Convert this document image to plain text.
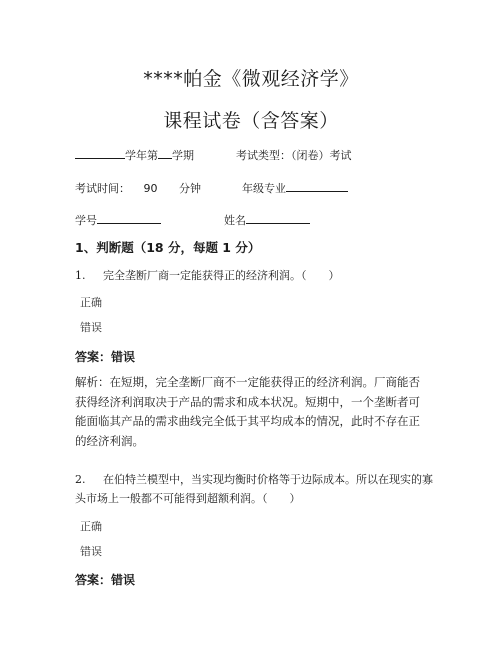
****帕金《微观经济学》
课程试卷（含答案）
学年第 学期	考试类型：（闭卷）考试
考试时间： 90 分钟	年级专业
学号	姓名
1、判断题（18 分，每题 1 分）
1. 完全垄断厂商一定能获得正的经济利润。（　　）
正确
错误
答案：错误
解析：在短期，完全垄断厂商不一定能获得正的经济利润。厂商能否获得经济利润取决于产品的需求和成本状况。短期中，一个垄断者可能面临其产品的需求曲线完全低于其平均成本的情况，此时不存在正的经济利润。
2. 在伯特兰模型中，当实现均衡时价格等于边际成本。所以在现实的寡头市场上一般都不可能得到超额利润。（　　）
正确
错误
答案：错误
